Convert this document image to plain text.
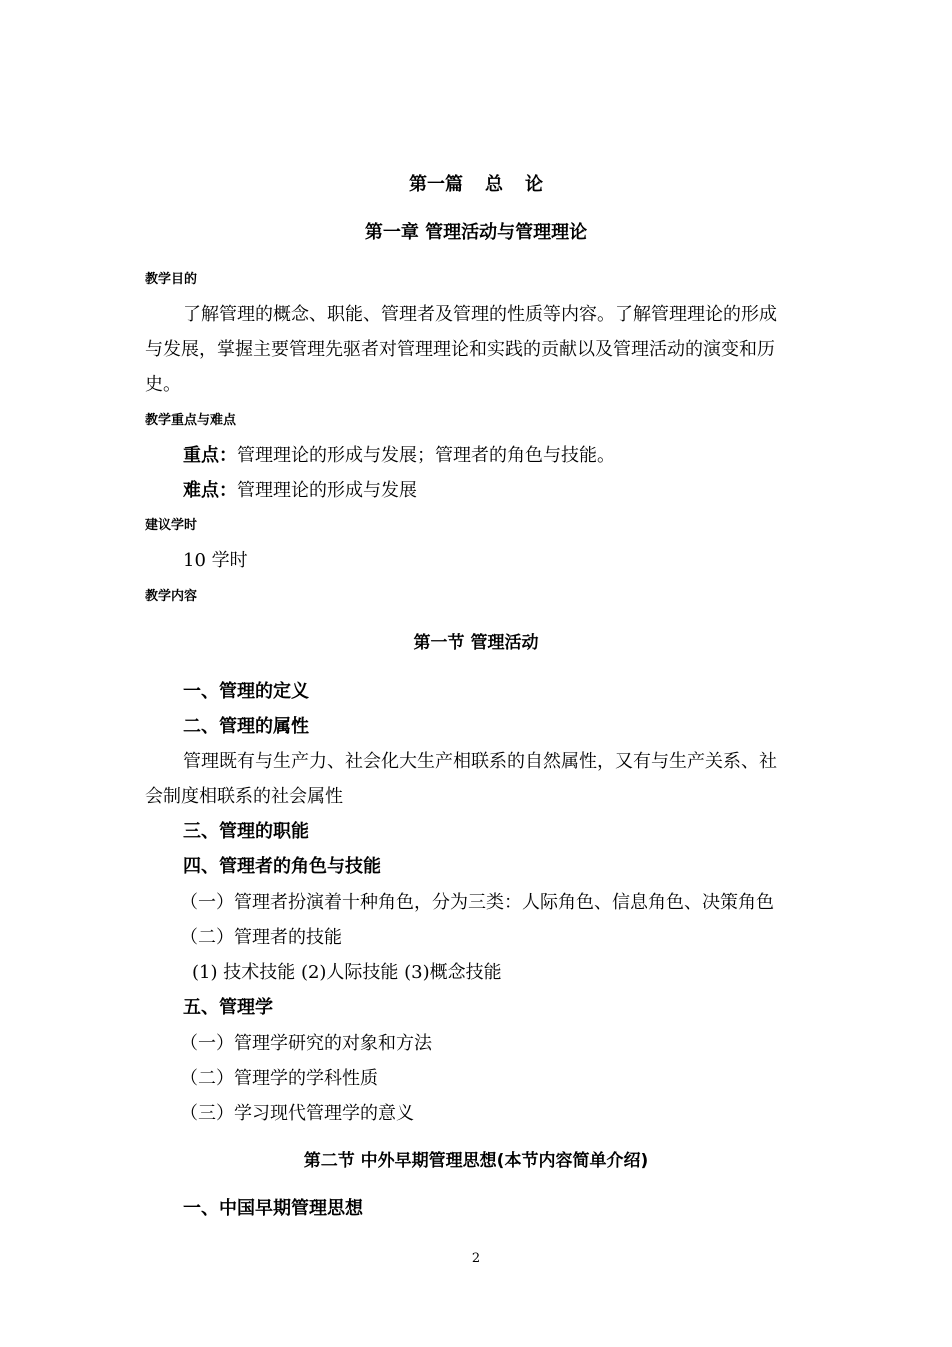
第一篇 总 论
第一章 管理活动与管理理论
教学目的
了解管理的概念、职能、管理者及管理的性质等内容。了解管理理论的形成
与发展，掌握主要管理先驱者对管理理论和实践的贡献以及管理活动的演变和历
史。
教学重点与难点
重点：管理理论的形成与发展；管理者的角色与技能。
难点：管理理论的形成与发展
建议学时
10 学时
教学内容
第一节 管理活动
一、管理的定义
二、管理的属性
管理既有与生产力、社会化大生产相联系的自然属性，又有与生产关系、社
会制度相联系的社会属性
三、管理的职能
四、管理者的角色与技能
（一）管理者扮演着十种角色，分为三类：人际角色、信息角色、决策角色
（二）管理者的技能
(1) 技术技能 (2)人际技能 (3)概念技能
五、管理学
（一）管理学研究的对象和方法
（二）管理学的学科性质
（三）学习现代管理学的意义
第二节 中外早期管理思想(本节内容简单介绍)
一、中国早期管理思想
2
